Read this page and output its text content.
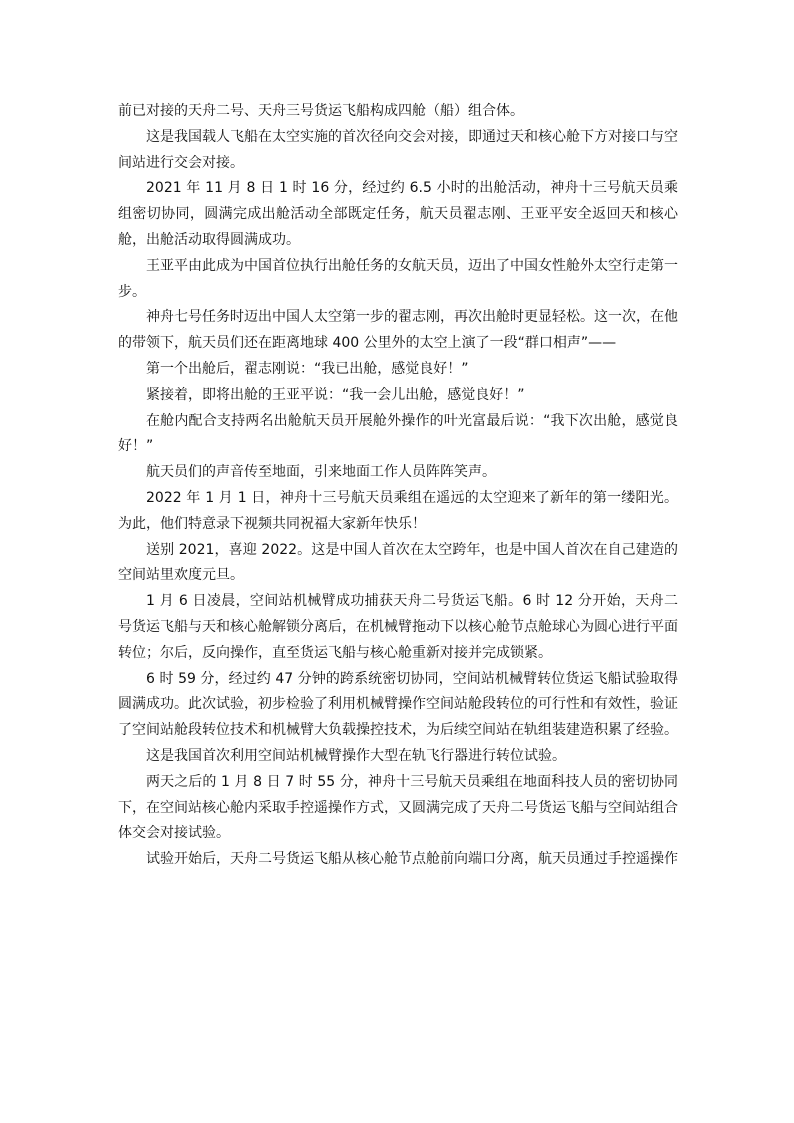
前已对接的天舟二号、天舟三号货运飞船构成四舱（船）组合体。

这是我国载人飞船在太空实施的首次径向交会对接，即通过天和核心舱下方对接口与空间站进行交会对接。

2021 年 11 月 8 日 1 时 16 分，经过约 6.5 小时的出舱活动，神舟十三号航天员乘组密切协同，圆满完成出舱活动全部既定任务，航天员翟志刚、王亚平安全返回天和核心舱，出舱活动取得圆满成功。

王亚平由此成为中国首位执行出舱任务的女航天员，迈出了中国女性舱外太空行走第一步。

神舟七号任务时迈出中国人太空第一步的翟志刚，再次出舱时更显轻松。这一次，在他的带领下，航天员们还在距离地球 400 公里外的太空上演了一段“群口相声”——

第一个出舱后，翟志刚说：“我已出舱，感觉良好！”

紧接着，即将出舱的王亚平说：“我一会儿出舱，感觉良好！”

在舱内配合支持两名出舱航天员开展舱外操作的叶光富最后说：“我下次出舱，感觉良好！”

航天员们的声音传至地面，引来地面工作人员阵阵笑声。

2022 年 1 月 1 日，神舟十三号航天员乘组在遥远的太空迎来了新年的第一缕阳光。为此，他们特意录下视频共同祝福大家新年快乐！

送别 2021，喜迎 2022。这是中国人首次在太空跨年，也是中国人首次在自己建造的空间站里欢度元旦。

1 月 6 日凌晨，空间站机械臂成功捕获天舟二号货运飞船。6 时 12 分开始，天舟二号货运飞船与天和核心舱解锁分离后，在机械臂拖动下以核心舱节点舱球心为圆心进行平面转位；尔后，反向操作，直至货运飞船与核心舱重新对接并完成锁紧。

6 时 59 分，经过约 47 分钟的跨系统密切协同，空间站机械臂转位货运飞船试验取得圆满成功。此次试验，初步检验了利用机械臂操作空间站舱段转位的可行性和有效性，验证了空间站舱段转位技术和机械臂大负载操控技术，为后续空间站在轨组装建造积累了经验。

这是我国首次利用空间站机械臂操作大型在轨飞行器进行转位试验。

两天之后的 1 月 8 日 7 时 55 分，神舟十三号航天员乘组在地面科技人员的密切协同下，在空间站核心舱内采取手控遥操作方式，又圆满完成了天舟二号货运飞船与空间站组合体交会对接试验。

试验开始后，天舟二号货运飞船从核心舱节点舱前向端口分离，航天员通过手控遥操作
